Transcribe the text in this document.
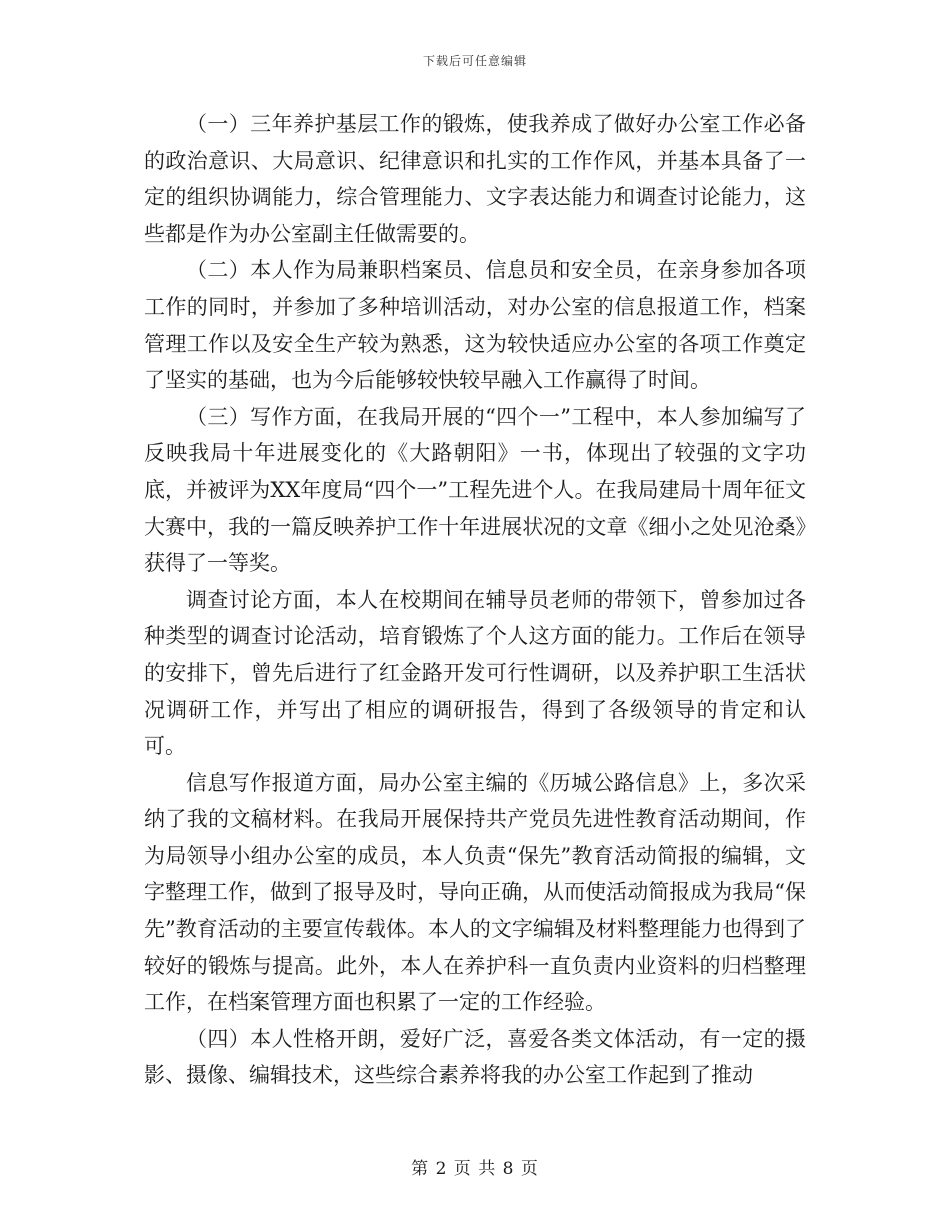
下载后可任意编辑

（一）三年养护基层工作的锻炼，使我养成了做好办公室工作必备的政治意识、大局意识、纪律意识和扎实的工作作风，并基本具备了一定的组织协调能力，综合管理能力、文字表达能力和调查讨论能力，这些都是作为办公室副主任做需要的。

（二）本人作为局兼职档案员、信息员和安全员，在亲身参加各项工作的同时，并参加了多种培训活动，对办公室的信息报道工作，档案管理工作以及安全生产较为熟悉，这为较快适应办公室的各项工作奠定了坚实的基础，也为今后能够较快较早融入工作赢得了时间。

（三）写作方面，在我局开展的“四个一”工程中，本人参加编写了反映我局十年进展变化的《大路朝阳》一书，体现出了较强的文字功底，并被评为XX年度局“四个一”工程先进个人。在我局建局十周年征文大赛中，我的一篇反映养护工作十年进展状况的文章《细小之处见沧桑》获得了一等奖。

调查讨论方面，本人在校期间在辅导员老师的带领下，曾参加过各种类型的调查讨论活动，培育锻炼了个人这方面的能力。工作后在领导的安排下，曾先后进行了红金路开发可行性调研，以及养护职工生活状况调研工作，并写出了相应的调研报告，得到了各级领导的肯定和认可。

信息写作报道方面，局办公室主编的《历城公路信息》上，多次采纳了我的文稿材料。在我局开展保持共产党员先进性教育活动期间，作为局领导小组办公室的成员，本人负责“保先”教育活动简报的编辑，文字整理工作，做到了报导及时，导向正确，从而使活动简报成为我局“保先”教育活动的主要宣传载体。本人的文字编辑及材料整理能力也得到了较好的锻炼与提高。此外，本人在养护科一直负责内业资料的归档整理工作，在档案管理方面也积累了一定的工作经验。

（四）本人性格开朗，爱好广泛，喜爱各类文体活动，有一定的摄影、摄像、编辑技术，这些综合素养将我的办公室工作起到了推动

第 2 页 共 8 页
